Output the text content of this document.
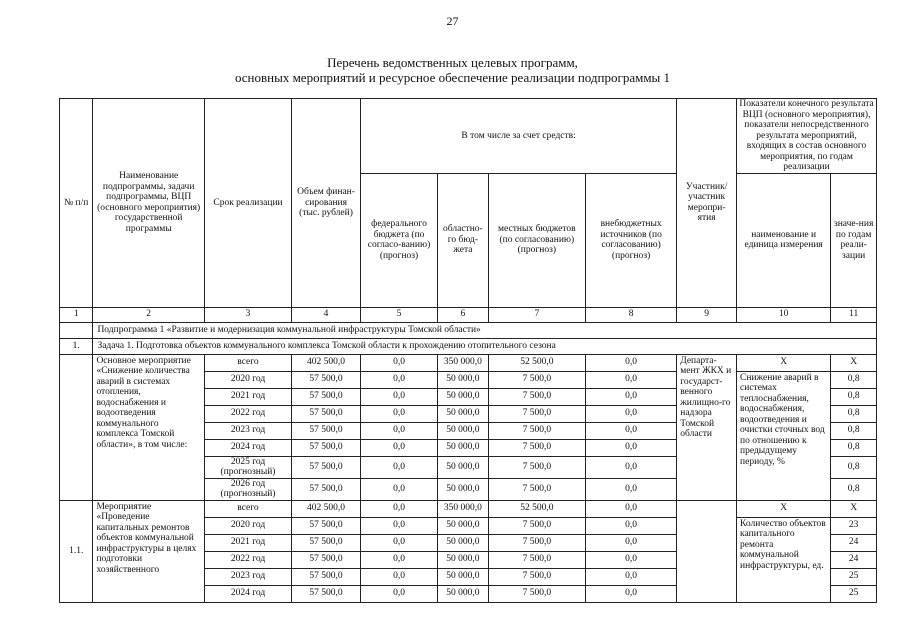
27
Перечень ведомственных целевых программ,
основных мероприятий и ресурсное обеспечение реализации подпрограммы 1
№ п/п	Наименование подпрограммы, задачи подпрограммы, ВЦП (основного мероприятия) государственной программы	Срок реализации	Объем финан-сирования (тыс. рублей)	В том числе за счет средств:				Участник/ участник меропри-ятия	Показатели конечного результата ВЦП (основного мероприятия), показатели непосредственного результата мероприятий, входящих в состав основного мероприятия, по годам реализации	
				федерального бюджета (по согласо-ванию) (прогноз)	областно-го бюд-жета	местных бюджетов (по согласованию) (прогноз)	внебюджетных источников (по согласованию) (прогноз)		наименование и единица измерения	значе-ния по годам реали-зации
1	2	3	4	5	6	7	8	9	10	11
	Подпрограмма 1 «Развитие и модернизация коммунальной инфраструктуры Томской области»									
1.	Задача 1. Подготовка объектов коммунального комплекса Томской области к прохождению отопительного сезона									
	Основное мероприятие «Снижение количества аварий в системах отопления, водоснабжения и водоотведения коммунального комплекса Томской области», в том числе:	всего	402 500,0	0,0	350 000,0	52 500,0	0,0	Департа-мент ЖКХ и государст-венного жилищно-го надзора Томской области	Х	Х
		2020 год	57 500,0	0,0	50 000,0	7 500,0	0,0		Снижение аварий в системах теплоснабжения, водоснабжения, водоотведения и очистки сточных вод по отношению к предыдущему периоду, %	0,8
		2021 год	57 500,0	0,0	50 000,0	7 500,0	0,0			0,8
		2022 год	57 500,0	0,0	50 000,0	7 500,0	0,0			0,8
		2023 год	57 500,0	0,0	50 000,0	7 500,0	0,0			0,8
		2024 год	57 500,0	0,0	50 000,0	7 500,0	0,0			0,8
		2025 год (прогнозный)	57 500,0	0,0	50 000,0	7 500,0	0,0			0,8
		2026 год (прогнозный)	57 500,0	0,0	50 000,0	7 500,0	0,0			0,8
1.1.	Мероприятие «Проведение капитальных ремонтов объектов коммунальной инфраструктуры в целях подготовки хозяйственного	всего	402 500,0	0,0	350 000,0	52 500,0	0,0		Х	Х
		2020 год	57 500,0	0,0	50 000,0	7 500,0	0,0		Количество объектов капитального ремонта коммунальной инфраструктуры, ед.	23
		2021 год	57 500,0	0,0	50 000,0	7 500,0	0,0			24
		2022 год	57 500,0	0,0	50 000,0	7 500,0	0,0			24
		2023 год	57 500,0	0,0	50 000,0	7 500,0	0,0			25
		2024 год	57 500,0	0,0	50 000,0	7 500,0	0,0			25
